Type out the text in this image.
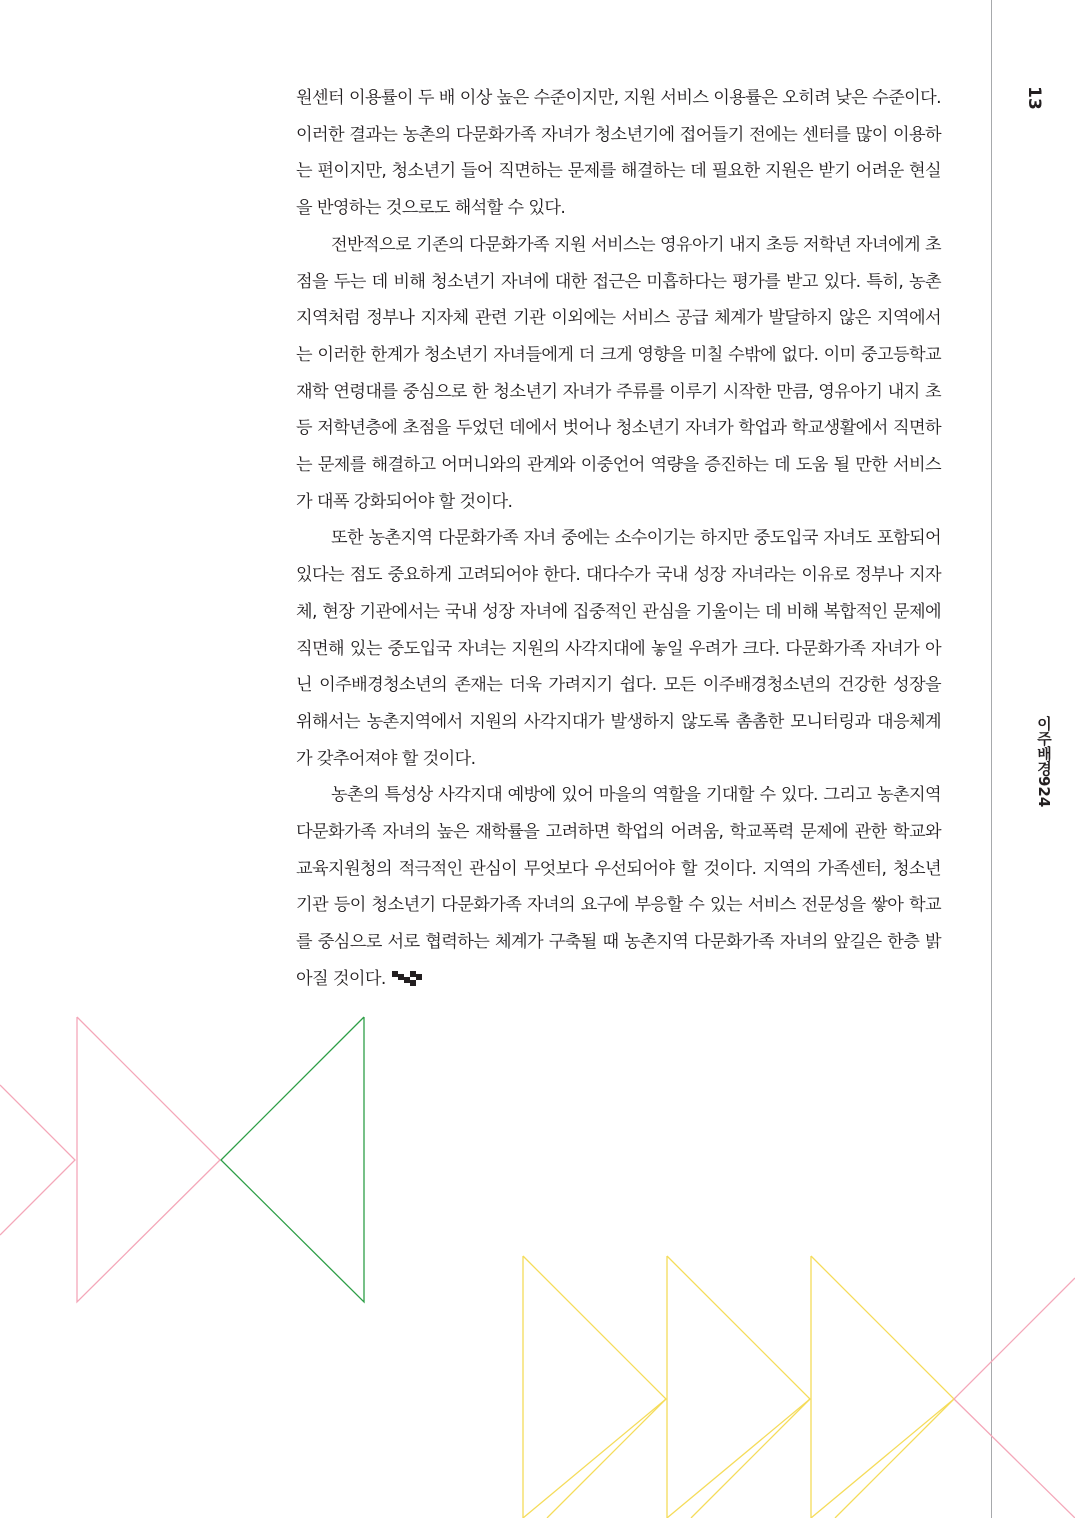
13
이주배경924

원센터 이용률이 두 배 이상 높은 수준이지만, 지원 서비스 이용률은 오히려 낮은 수준이다. 이러한 결과는 농촌의 다문화가족 자녀가 청소년기에 접어들기 전에는 센터를 많이 이용하는 편이지만, 청소년기 들어 직면하는 문제를 해결하는 데 필요한 지원은 받기 어려운 현실을 반영하는 것으로도 해석할 수 있다.

전반적으로 기존의 다문화가족 지원 서비스는 영유아기 내지 초등 저학년 자녀에게 초점을 두는 데 비해 청소년기 자녀에 대한 접근은 미흡하다는 평가를 받고 있다. 특히, 농촌지역처럼 정부나 지자체 관련 기관 이외에는 서비스 공급 체계가 발달하지 않은 지역에서는 이러한 한계가 청소년기 자녀들에게 더 크게 영향을 미칠 수밖에 없다. 이미 중고등학교 재학 연령대를 중심으로 한 청소년기 자녀가 주류를 이루기 시작한 만큼, 영유아기 내지 초등 저학년층에 초점을 두었던 데에서 벗어나 청소년기 자녀가 학업과 학교생활에서 직면하는 문제를 해결하고 어머니와의 관계와 이중언어 역량을 증진하는 데 도움 될 만한 서비스가 대폭 강화되어야 할 것이다.

또한 농촌지역 다문화가족 자녀 중에는 소수이기는 하지만 중도입국 자녀도 포함되어 있다는 점도 중요하게 고려되어야 한다. 대다수가 국내 성장 자녀라는 이유로 정부나 지자체, 현장 기관에서는 국내 성장 자녀에 집중적인 관심을 기울이는 데 비해 복합적인 문제에 직면해 있는 중도입국 자녀는 지원의 사각지대에 놓일 우려가 크다. 다문화가족 자녀가 아닌 이주배경청소년의 존재는 더욱 가려지기 쉽다. 모든 이주배경청소년의 건강한 성장을 위해서는 농촌지역에서 지원의 사각지대가 발생하지 않도록 촘촘한 모니터링과 대응체계가 갖추어져야 할 것이다.

농촌의 특성상 사각지대 예방에 있어 마을의 역할을 기대할 수 있다. 그리고 농촌지역 다문화가족 자녀의 높은 재학률을 고려하면 학업의 어려움, 학교폭력 문제에 관한 학교와 교육지원청의 적극적인 관심이 무엇보다 우선되어야 할 것이다. 지역의 가족센터, 청소년기관 등이 청소년기 다문화가족 자녀의 요구에 부응할 수 있는 서비스 전문성을 쌓아 학교를 중심으로 서로 협력하는 체계가 구축될 때 농촌지역 다문화가족 자녀의 앞길은 한층 밝아질 것이다.
